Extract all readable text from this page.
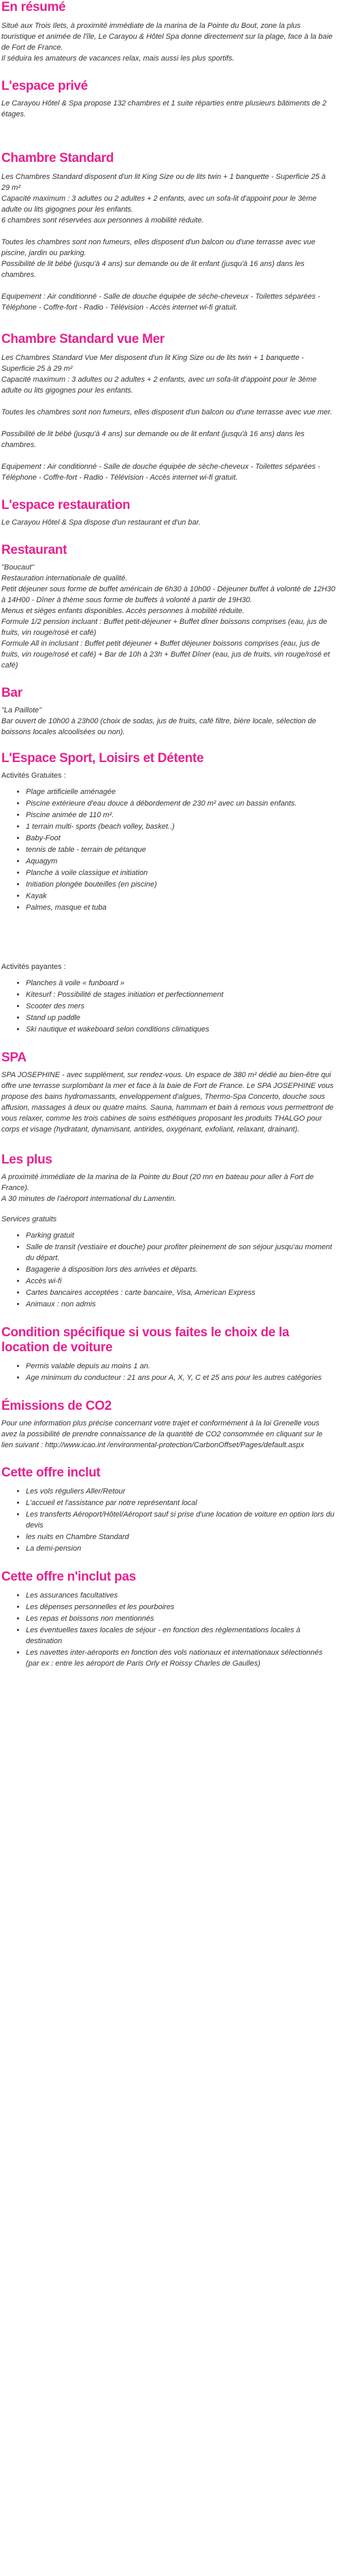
En résumé

Situé aux Trois Ilets, à proximité immédiate de la marina de la Pointe du Bout, zone la plus touristique et animée de l'île, Le Carayou & Hôtel Spa donne directement sur la plage, face à la baie de Fort de France.

Il séduira les amateurs de vacances relax, mais aussi les plus sportifs.

L'espace privé

Le Carayou Hôtel & Spa propose 132 chambres et 1 suite réparties entre plusieurs bâtiments de 2 étages.

Chambre Standard

Les Chambres Standard disposent d'un lit King Size ou de lits twin + 1 banquette - Superficie 25 à 29 m²

Capacité maximum : 3 adultes ou 2 adultes + 2 enfants, avec un sofa-lit d'appoint pour le 3ème adulte ou lits gigognes pour les enfants.

6 chambres sont réservées aux personnes à mobilité réduite.

Toutes les chambres sont non fumeurs, elles disposent d'un balcon ou d'une terrasse avec vue piscine, jardin ou parking.

Possibilité de lit bébé (jusqu'à 4 ans) sur demande ou de lit enfant (jusqu'à 16 ans) dans les chambres.

Equipement : Air conditionné - Salle de douche équipée de sèche-cheveux - Toilettes séparées - Téléphone - Coffre-fort - Radio - Télévision - Accès internet wi-fi gratuit.

Chambre Standard vue Mer

Les Chambres Standard Vue Mer disposent d'un lit King Size ou de lits twin + 1 banquette - Superficie 25 à 29 m²

Capacité maximum : 3 adultes ou 2 adultes + 2 enfants, avec un sofa-lit d'appoint pour le 3ème adulte ou lits gigognes pour les enfants.

Toutes les chambres sont non fumeurs, elles disposent d'un balcon ou d'une terrasse avec vue mer.

Possibilité de lit bébé (jusqu'à 4 ans) sur demande ou de lit enfant (jusqu'à 16 ans) dans les chambres.

Equipement : Air conditionné - Salle de douche équipée de sèche-cheveux - Toilettes séparées - Téléphone - Coffre-fort - Radio - Télévision - Accès internet wi-fi gratuit.

L'espace restauration

Le Carayou Hôtel & Spa dispose d'un restaurant et d'un bar.

Restaurant

"Boucaut"

Restauration internationale de qualité.

Petit déjeuner sous forme de buffet américain de 6h30 à 10h00 - Déjeuner buffet à volonté de 12H30 à 14H00 - Dîner à thème sous forme de buffets à volonté à partir de 19H30.

Menus et sièges enfants disponibles. Accès personnes à mobilité réduite.

Formule 1/2 pension incluant : Buffet petit-déjeuner + Buffet dîner boissons comprises (eau, jus de fruits, vin rouge/rosé et café)

Formule All in inclusant : Buffet petit déjeuner + Buffet déjeuner boissons comprises (eau, jus de fruits, vin rouge/rosé et café) + Bar de 10h à 23h + Buffet Dîner (eau, jus de fruits, vin rouge/rosé et café)

Bar

"La Paillote"

Bar ouvert de 10h00 à 23h00 (choix de sodas, jus de fruits, café filtre, bière locale, sélection de boissons locales alcoolisées ou non).

L'Espace Sport, Loisirs et Détente

Activités Gratuites :

• Plage artificielle aménagée
• Piscine extérieure d'eau douce à débordement de 230 m² avec un bassin enfants.
• Piscine animée de 110 m².
• 1 terrain multi- sports (beach volley, basket..)
• Baby-Foot
• tennis de table - terrain de pétanque
• Aquagym
• Planche à voile classique et initiation
• Initiation plongée bouteilles (en piscine)
• Kayak
• Palmes, masque et tuba

Activités payantes :

• Planches à voile « funboard »
• Kitesurf : Possibilité de stages initiation et perfectionnement
• Scooter des mers
• Stand up paddle
• Ski nautique et wakeboard selon conditions climatiques
SPA

SPA JOSEPHINE - avec supplément, sur rendez-vous. Un espace de 380 m² dédié au bien-être qui offre une terrasse surplombant la mer et face à la baie de Fort de France. Le SPA JOSEPHINE vous propose des bains hydromassants, enveloppement d'algues, Thermo-Spa Concerto, douche sous affusion, massages à deux ou quatre mains. Sauna, hammam et bain à remous vous permettront de vous relaxer, comme les trois cabines de soins esthétiques proposant les produits THALGO pour corps et visage (hydratant, dynamisant, antirides, oxygénant, exfoliant, relaxant, drainant).

Les plus

A proximité immédiate de la marina de la Pointe du Bout (20 mn en bateau pour aller à Fort de France).

A 30 minutes de l'aéroport international du Lamentin.

Services gratuits

• Parking gratuit
• Salle de transit (vestiaire et douche) pour profiter pleinement de son séjour jusqu'au moment du départ.
• Bagagerie à disposition lors des arrivées et départs.
• Accès wi-fi
• Cartes bancaires acceptées : carte bancaire, Visa, American Express
• Animaux : non admis
Condition spécifique si vous faites le choix de la location de voiture
• Permis valable depuis au moins 1 an.
• Age minimum du conducteur : 21 ans pour A, X, Y, C et 25 ans pour les autres catégories
Émissions de CO2

Pour une information plus précise concernant votre trajet et conformément à la loi Grenelle vous avez la possibilité de prendre connaissance de la quantité de CO2 consommée en cliquant sur le lien suivant : http://www.icao.int /environmental-protection/CarbonOffset/Pages/default.aspx

Cette offre inclut
• Les vols réguliers Aller/Retour
• L'accueil et l'assistance par notre représentant local
• Les transferts Aéroport/Hôtel/Aéroport sauf si prise d'une location de voiture en option lors du devis
• les nuits en Chambre Standard
• La demi-pension
Cette offre n'inclut pas
• Les assurances facultatives
• Les dépenses personnelles et les pourboires
• Les repas et boissons non mentionnés
• Les éventuelles taxes locales de séjour - en fonction des réglementations locales à destination
• Les navettes inter-aéroports en fonction des vols nationaux et internationaux sélectionnés (par ex : entre les aéroport de Paris Orly et Roissy Charles de Gaulles)
